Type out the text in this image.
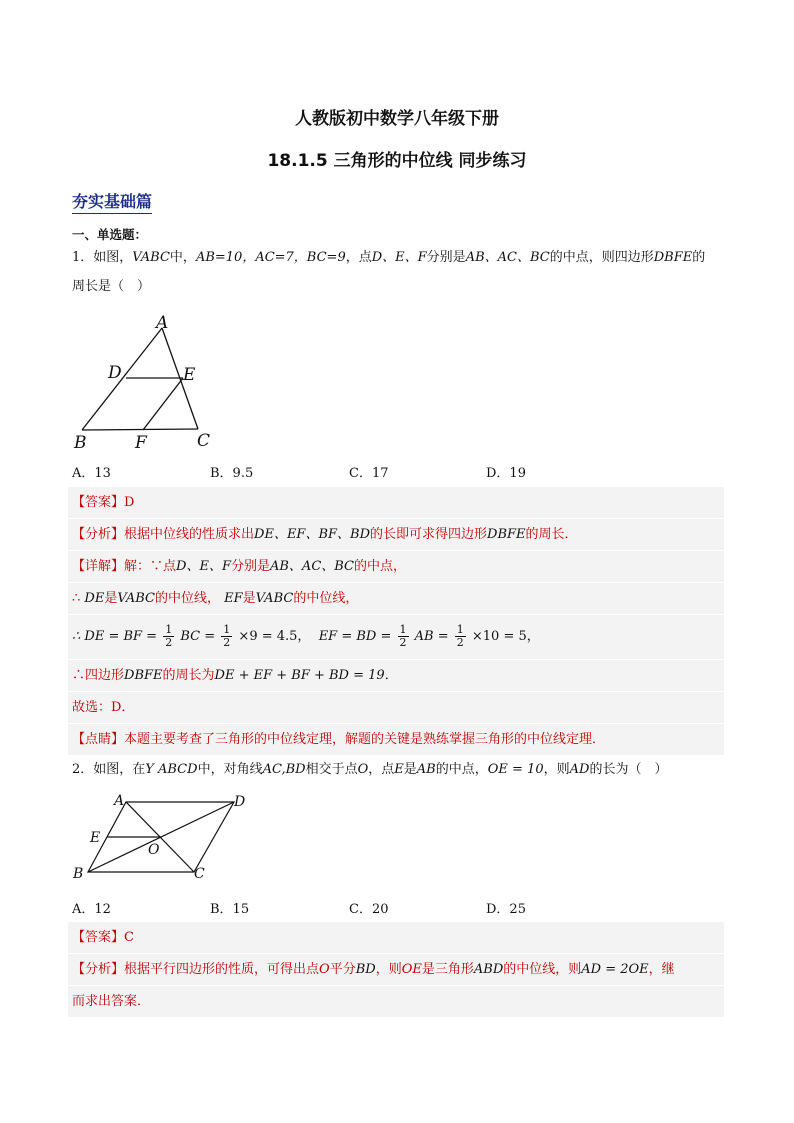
人教版初中数学八年级下册
18.1.5 三角形的中位线 同步练习
夯实基础篇
一、单选题：
1．如图，VABC中，AB=10，AC=7，BC=9，点D、E、F分别是AB、AC、BC的中点，则四边形DBFE的
周长是（　）
A
D	E
B	F	C
A．13	B．9.5	C．17	D．19
【答案】D
【分析】根据中位线的性质求出DE、EF、BF、BD的长即可求得四边形DBFE的周长．
【详解】解：∵点D、E、F分别是AB、AC、BC的中点，
∴ DE是VABC的中位线， EF是VABC的中位线，
∴ DE = BF = $\frac{1}{2}$ BC = $\frac{1}{2} \times 9 = 4.5$， EF = BD = $\frac{1}{2}$ AB = $\frac{1}{2} \times 10 = 5$，
∴四边形DBFE的周长为DE + EF + BF + BD = 19．
故选：D．
【点睛】本题主要考查了三角形的中位线定理，解题的关键是熟练掌握三角形的中位线定理．
2．如图，在Y ABCD中，对角线AC,BD相交于点O，点E是AB的中点，OE = 10，则AD的长为（　）
A	D
E
O
B	C
A．12	B．15	C．20	D．25
【答案】C
【分析】根据平行四边形的性质，可得出点O平分BD，则OE是三角形ABD的中位线，则AD = 2OE，继
而求出答案．
